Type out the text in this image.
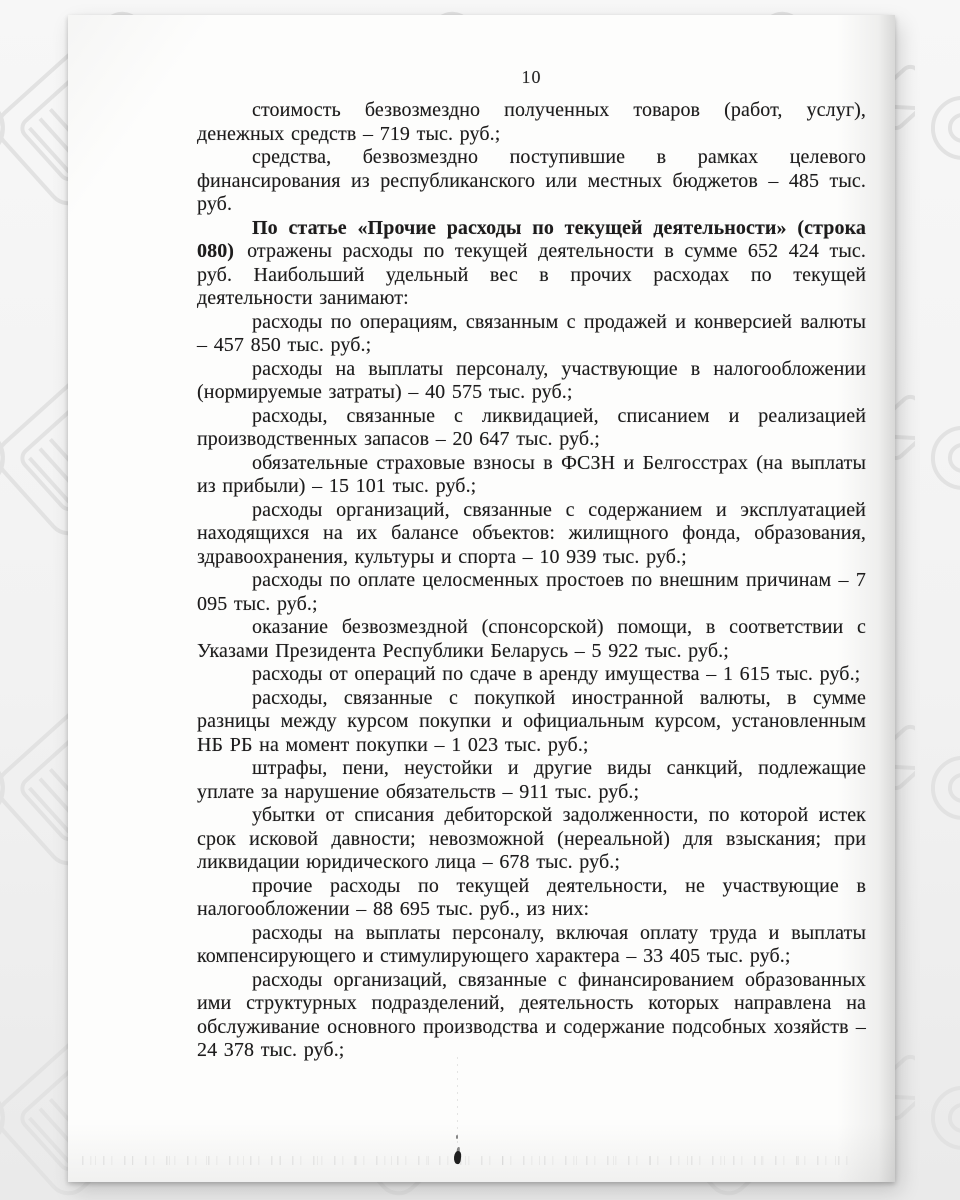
10

стоимость безвозмездно полученных товаров (работ, услуг), денежных средств – 719 тыс. руб.;

средства, безвозмездно поступившие в рамках целевого финансирования из республиканского или местных бюджетов – 485 тыс. руб.

По статье «Прочие расходы по текущей деятельности» (строка 080) отражены расходы по текущей деятельности в сумме 652 424 тыс. руб. Наибольший удельный вес в прочих расходах по текущей деятельности занимают:

расходы по операциям, связанным с продажей и конверсией валюты – 457 850 тыс. руб.;

расходы на выплаты персоналу, участвующие в налогообложении (нормируемые затраты) – 40 575 тыс. руб.;

расходы, связанные с ликвидацией, списанием и реализацией производственных запасов – 20 647 тыс. руб.;

обязательные страховые взносы в ФСЗН и Белгосстрах (на выплаты из прибыли) – 15 101 тыс. руб.;

расходы организаций, связанные с содержанием и эксплуатацией находящихся на их балансе объектов: жилищного фонда, образования, здравоохранения, культуры и спорта – 10 939 тыс. руб.;

расходы по оплате целосменных простоев по внешним причинам – 7 095 тыс. руб.;

оказание безвозмездной (спонсорской) помощи, в соответствии с Указами Президента Республики Беларусь – 5 922 тыс. руб.;

расходы от операций по сдаче в аренду имущества – 1 615 тыс. руб.;

расходы, связанные с покупкой иностранной валюты, в сумме разницы между курсом покупки и официальным курсом, установленным НБ РБ на момент покупки – 1 023 тыс. руб.;

штрафы, пени, неустойки и другие виды санкций, подлежащие уплате за нарушение обязательств – 911 тыс. руб.;

убытки от списания дебиторской задолженности, по которой истек срок исковой давности; невозможной (нереальной) для взыскания; при ликвидации юридического лица – 678 тыс. руб.;

прочие расходы по текущей деятельности, не участвующие в налогообложении – 88 695 тыс. руб., из них:

расходы на выплаты персоналу, включая оплату труда и выплаты компенсирующего и стимулирующего характера – 33 405 тыс. руб.;

расходы организаций, связанные с финансированием образованных ими структурных подразделений, деятельность которых направлена на обслуживание основного производства и содержание подсобных хозяйств – 24 378 тыс. руб.;
